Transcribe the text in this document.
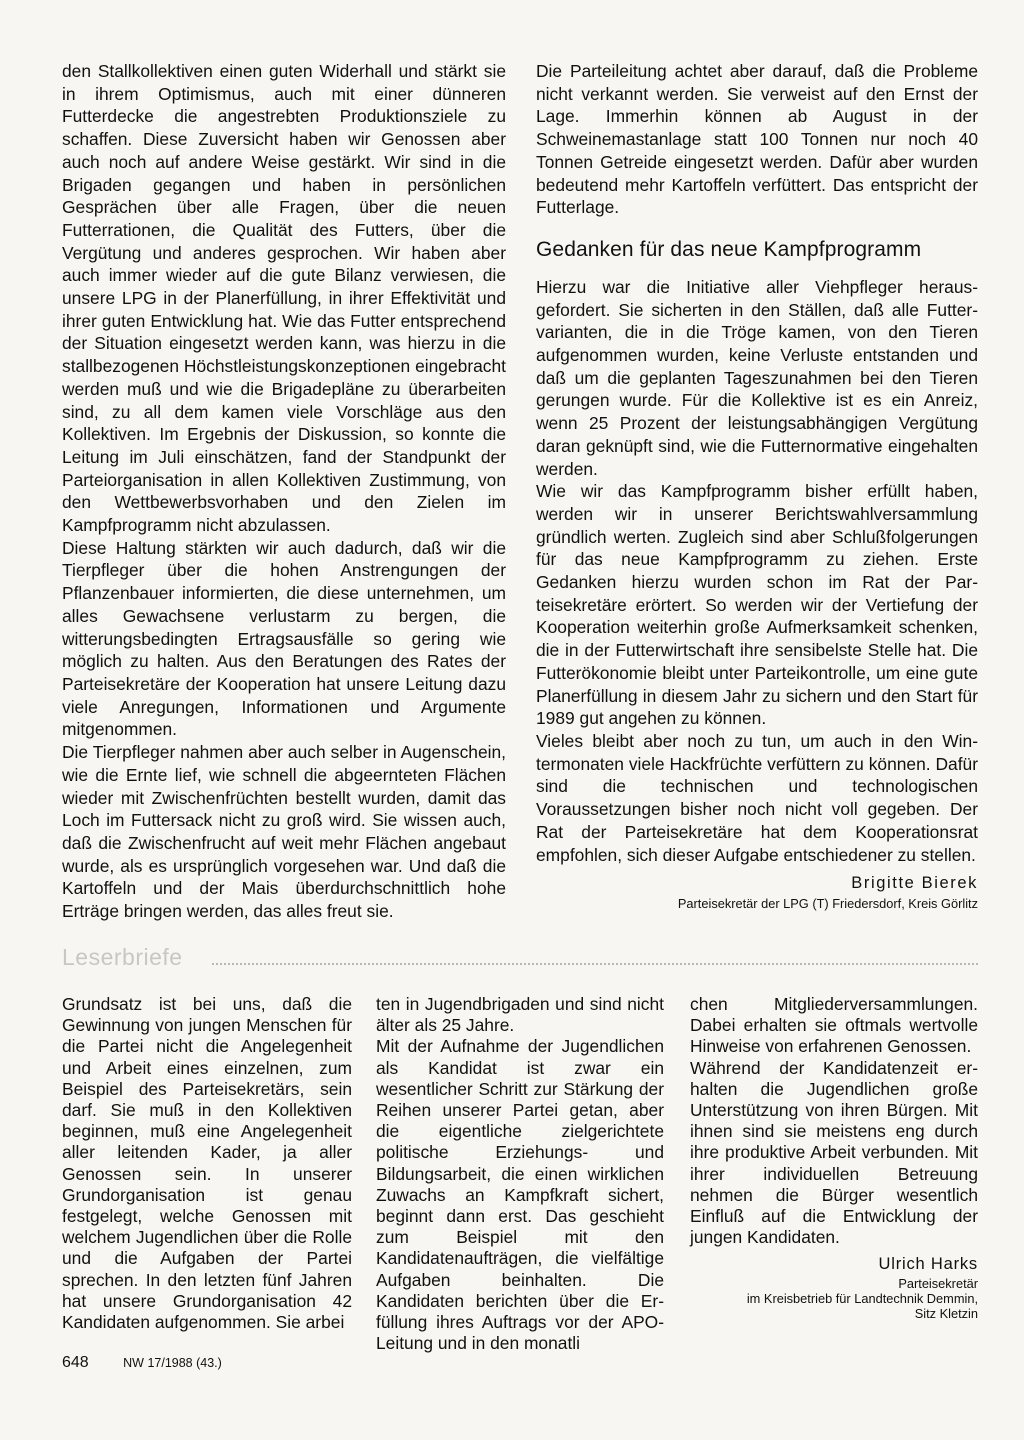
den Stallkollektiven einen guten Widerhall und stärkt sie in ihrem Optimismus, auch mit einer dünneren Futterdecke die angestrebten Produktionsziele zu schaffen. Diese Zuversicht haben wir Genossen aber auch noch auf andere Weise gestärkt. Wir sind in die Brigaden gegangen und haben in persönlichen Gesprächen über alle Fragen, über die neuen Futterrationen, die Qualität des Futters, über die Vergütung und anderes gesprochen. Wir haben aber auch immer wieder auf die gute Bilanz verwiesen, die unsere LPG in der Planerfüllung, in ihrer Effektivität und ihrer guten Entwicklung hat. Wie das Futter entsprechend der Situation eingesetzt werden kann, was hierzu in die stallbezogenen Höchstleistungskonzeptionen eingebracht werden muß und wie die Brigadepläne zu überarbeiten sind, zu all dem kamen viele Vorschläge aus den Kollektiven. Im Ergebnis der Diskussion, so konnte die Leitung im Juli einschätzen, fand der Standpunkt der Parteiorganisation in allen Kollektiven Zustimmung, von den Wettbewerbsvorhaben und den Zielen im Kampfprogramm nicht abzulassen.

Diese Haltung stärkten wir auch dadurch, daß wir die Tierpfleger über die hohen Anstrengungen der Pflanzenbauer informierten, die diese unternehmen, um alles Gewachsene verlustarm zu bergen, die witterungsbedingten Ertragsausfälle so gering wie möglich zu halten. Aus den Beratungen des Rates der Parteisekretäre der Kooperation hat unsere Leitung dazu viele Anregungen, Informationen und Argumente mitgenommen.

Die Tierpfleger nahmen aber auch selber in Augenschein, wie die Ernte lief, wie schnell die abgeernteten Flächen wieder mit Zwischenfrüchten bestellt wurden, damit das Loch im Futtersack nicht zu groß wird. Sie wissen auch, daß die Zwischenfrucht auf weit mehr Flächen angebaut wurde, als es ursprünglich vorgesehen war. Und daß die Kartoffeln und der Mais überdurchschnittlich hohe Erträge bringen werden, das alles freut sie.

Die Parteileitung achtet aber darauf, daß die Probleme nicht verkannt werden. Sie verweist auf den Ernst der Lage. Immerhin können ab August in der Schweinemastanlage statt 100 Tonnen nur noch 40 Tonnen Getreide eingesetzt werden. Dafür aber wurden bedeutend mehr Kartoffeln verfüttert. Das entspricht der Futterlage.

Gedanken für das neue Kampfprogramm

Hierzu war die Initiative aller Viehpfleger herausgefordert. Sie sicherten in den Ställen, daß alle Futtervarianten, die in die Tröge kamen, von den Tieren aufgenommen wurden, keine Verluste entstanden und daß um die geplanten Tageszunahmen bei den Tieren gerungen wurde. Für die Kollektive ist es ein Anreiz, wenn 25 Prozent der leistungsabhängigen Vergütung daran geknüpft sind, wie die Futternormative eingehalten werden.

Wie wir das Kampfprogramm bisher erfüllt haben, werden wir in unserer Berichtswahlversammlung gründlich werten. Zugleich sind aber Schlußfolgerungen für das neue Kampfprogramm zu ziehen. Erste Gedanken hierzu wurden schon im Rat der Parteisekretäre erörtert. So werden wir der Vertiefung der Kooperation weiterhin große Aufmerksamkeit schenken, die in der Futterwirtschaft ihre sensibelste Stelle hat. Die Futterökonomie bleibt unter Parteikontrolle, um eine gute Planerfüllung in diesem Jahr zu sichern und den Start für 1989 gut angehen zu können.

Vieles bleibt aber noch zu tun, um auch in den Wintermonaten viele Hackfrüchte verfüttern zu können. Dafür sind die technischen und technologischen Voraussetzungen bisher noch nicht voll gegeben. Der Rat der Parteisekretäre hat dem Kooperationsrat empfohlen, sich dieser Aufgabe entschiedener zu stellen.

Brigitte Bierek
Parteisekretär der LPG (T) Friedersdorf, Kreis Görlitz
Leserbriefe

Grundsatz ist bei uns, daß die Gewinnung von jungen Menschen für die Partei nicht die Angelegenheit und Arbeit eines einzelnen, zum Beispiel des Parteisekretärs, sein darf. Sie muß in den Kollektiven beginnen, muß eine Angelegenheit aller leitenden Kader, ja aller Genossen sein. In unserer Grundorganisation ist genau festgelegt, welche Genossen mit welchem Jugendlichen über die Rolle und die Aufgaben der Partei sprechen. In den letzten fünf Jahren hat unsere Grundorganisation 42 Kandidaten aufgenommen. Sie arbei

ten in Jugendbrigaden und sind nicht älter als 25 Jahre.

Mit der Aufnahme der Jugendlichen als Kandidat ist zwar ein wesentlicher Schritt zur Stärkung der Reihen unserer Partei getan, aber die eigentliche zielgerichtete politische Erziehungs- und Bildungsarbeit, die einen wirklichen Zuwachs an Kampfkraft sichert, beginnt dann erst. Das geschieht zum Beispiel mit den Kandidatenaufträgen, die vielfältige Aufgaben beinhalten. Die Kandidaten berichten über die Erfüllung ihres Auftrags vor der APO-Leitung und in den monatli

chen Mitgliederversammlungen. Dabei erhalten sie oftmals wertvolle Hinweise von erfahrenen Genossen.

Während der Kandidatenzeit erhalten die Jugendlichen große Unterstützung von ihren Bürgen. Mit ihnen sind sie meistens eng durch ihre produktive Arbeit verbunden. Mit ihrer individuellen Betreuung nehmen die Bürger wesentlich Einfluß auf die Entwicklung der jungen Kandidaten.

Ulrich Harks
Parteisekretär
im Kreisbetrieb für Landtechnik Demmin,
Sitz Kletzin
648	NW 17/1988 (43.)
